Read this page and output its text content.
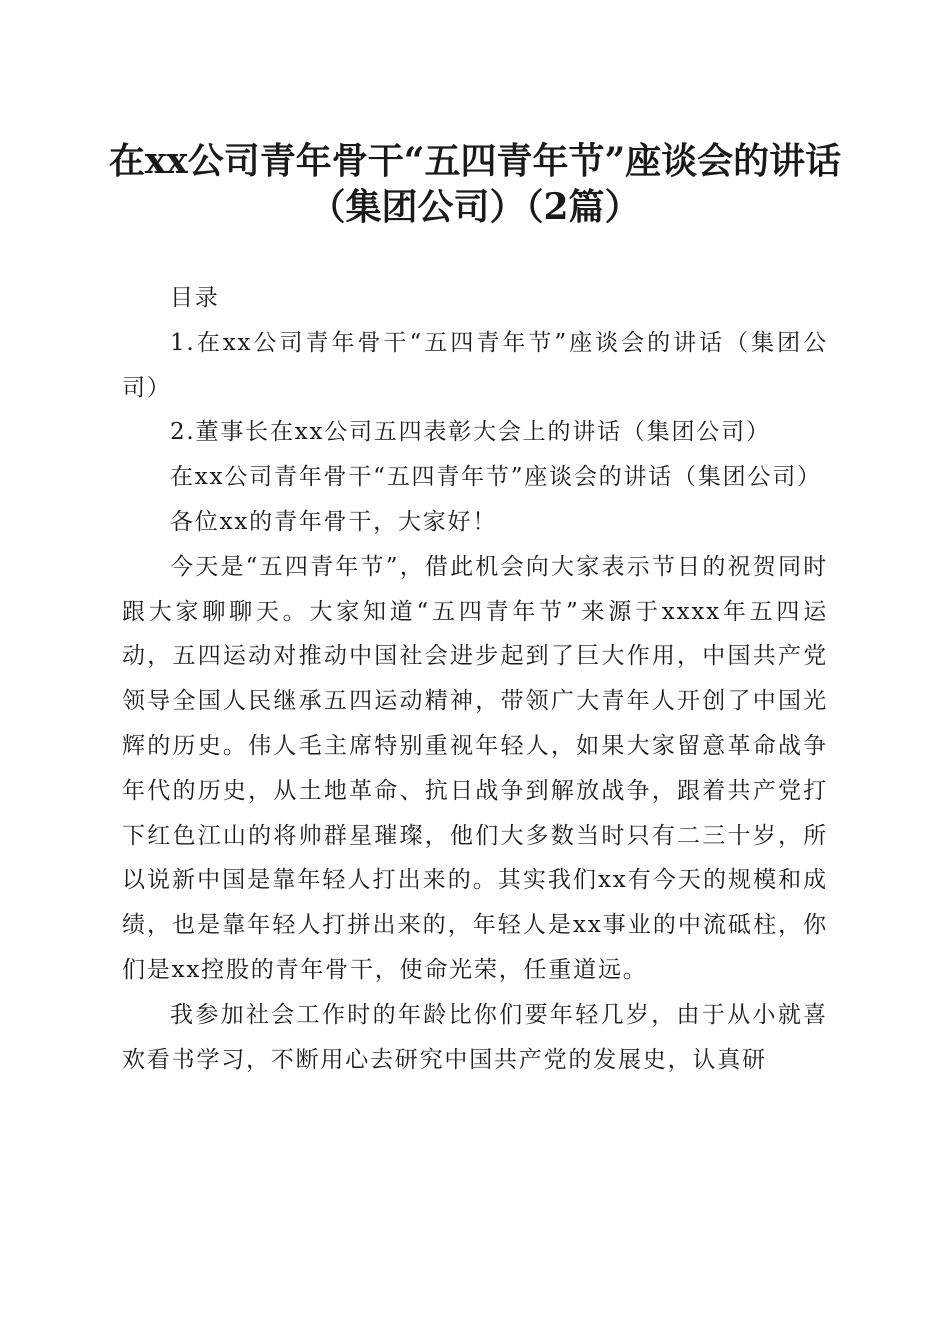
在xx公司青年骨干“五四青年节”座谈会的讲话（集团公司）（2篇）

目录

1.在xx公司青年骨干“五四青年节”座谈会的讲话（集团公司）

2.董事长在xx公司五四表彰大会上的讲话（集团公司）

在xx公司青年骨干“五四青年节”座谈会的讲话（集团公司）

各位xx的青年骨干，大家好！

今天是“五四青年节”，借此机会向大家表示节日的祝贺同时跟大家聊聊天。大家知道“五四青年节”来源于xxxx年五四运动，五四运动对推动中国社会进步起到了巨大作用，中国共产党领导全国人民继承五四运动精神，带领广大青年人开创了中国光辉的历史。伟人毛主席特别重视年轻人，如果大家留意革命战争年代的历史，从土地革命、抗日战争到解放战争，跟着共产党打下红色江山的将帅群星璀璨，他们大多数当时只有二三十岁，所以说新中国是靠年轻人打出来的。其实我们xx有今天的规模和成绩，也是靠年轻人打拼出来的，年轻人是xx事业的中流砥柱，你们是xx控股的青年骨干，使命光荣，任重道远。

我参加社会工作时的年龄比你们要年轻几岁，由于从小就喜欢看书学习，不断用心去研究中国共产党的发展史，认真研
